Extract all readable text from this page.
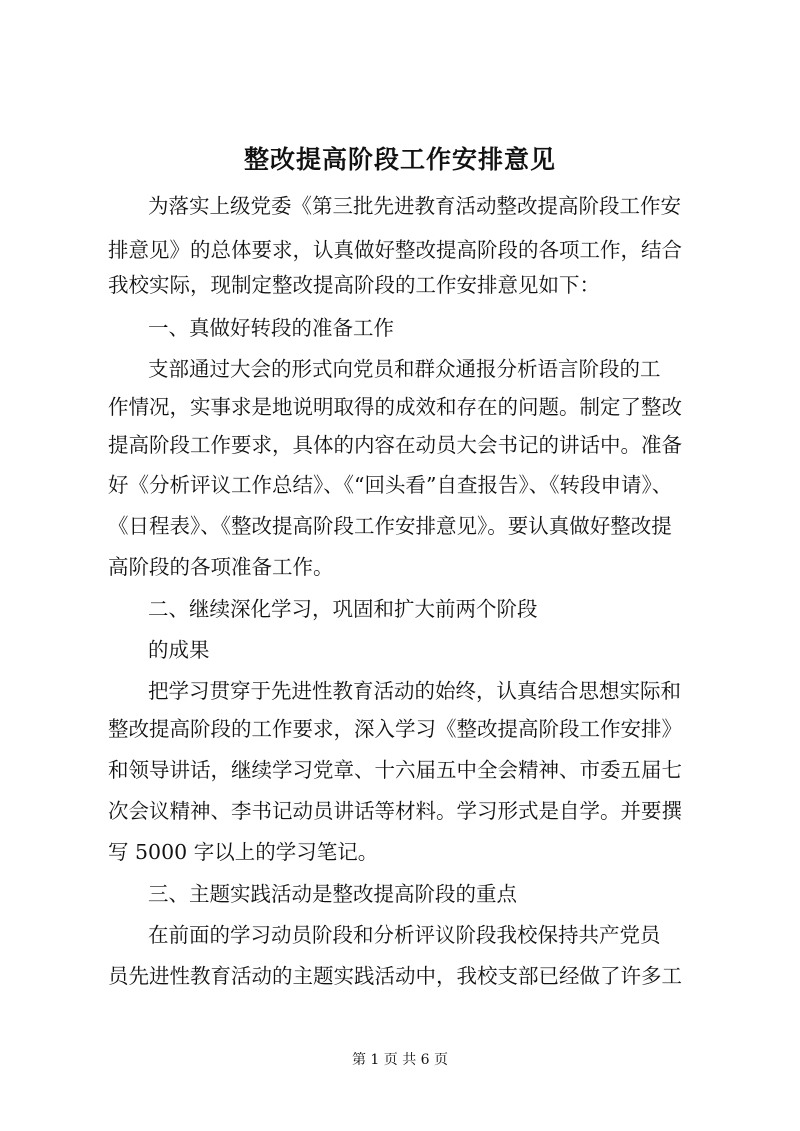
整改提高阶段工作安排意见
为落实上级党委《第三批先进教育活动整改提高阶段工作安
排意见》的总体要求，认真做好整改提高阶段的各项工作，结合
我校实际，现制定整改提高阶段的工作安排意见如下：
一、真做好转段的准备工作
支部通过大会的形式向党员和群众通报分析语言阶段的工
作情况，实事求是地说明取得的成效和存在的问题。制定了整改
提高阶段工作要求，具体的内容在动员大会书记的讲话中。准备
好《分析评议工作总结》、《“回头看”自查报告》、《转段申请》、
《日程表》、《整改提高阶段工作安排意见》。要认真做好整改提
高阶段的各项准备工作。
二、继续深化学习，巩固和扩大前两个阶段
的成果
把学习贯穿于先进性教育活动的始终，认真结合思想实际和
整改提高阶段的工作要求，深入学习《整改提高阶段工作安排》
和领导讲话，继续学习党章、十六届五中全会精神、市委五届七
次会议精神、李书记动员讲话等材料。学习形式是自学。并要撰
写 5000 字以上的学习笔记。
三、主题实践活动是整改提高阶段的重点
在前面的学习动员阶段和分析评议阶段我校保持共产党员
员先进性教育活动的主题实践活动中，我校支部已经做了许多工
第 1 页 共 6 页
